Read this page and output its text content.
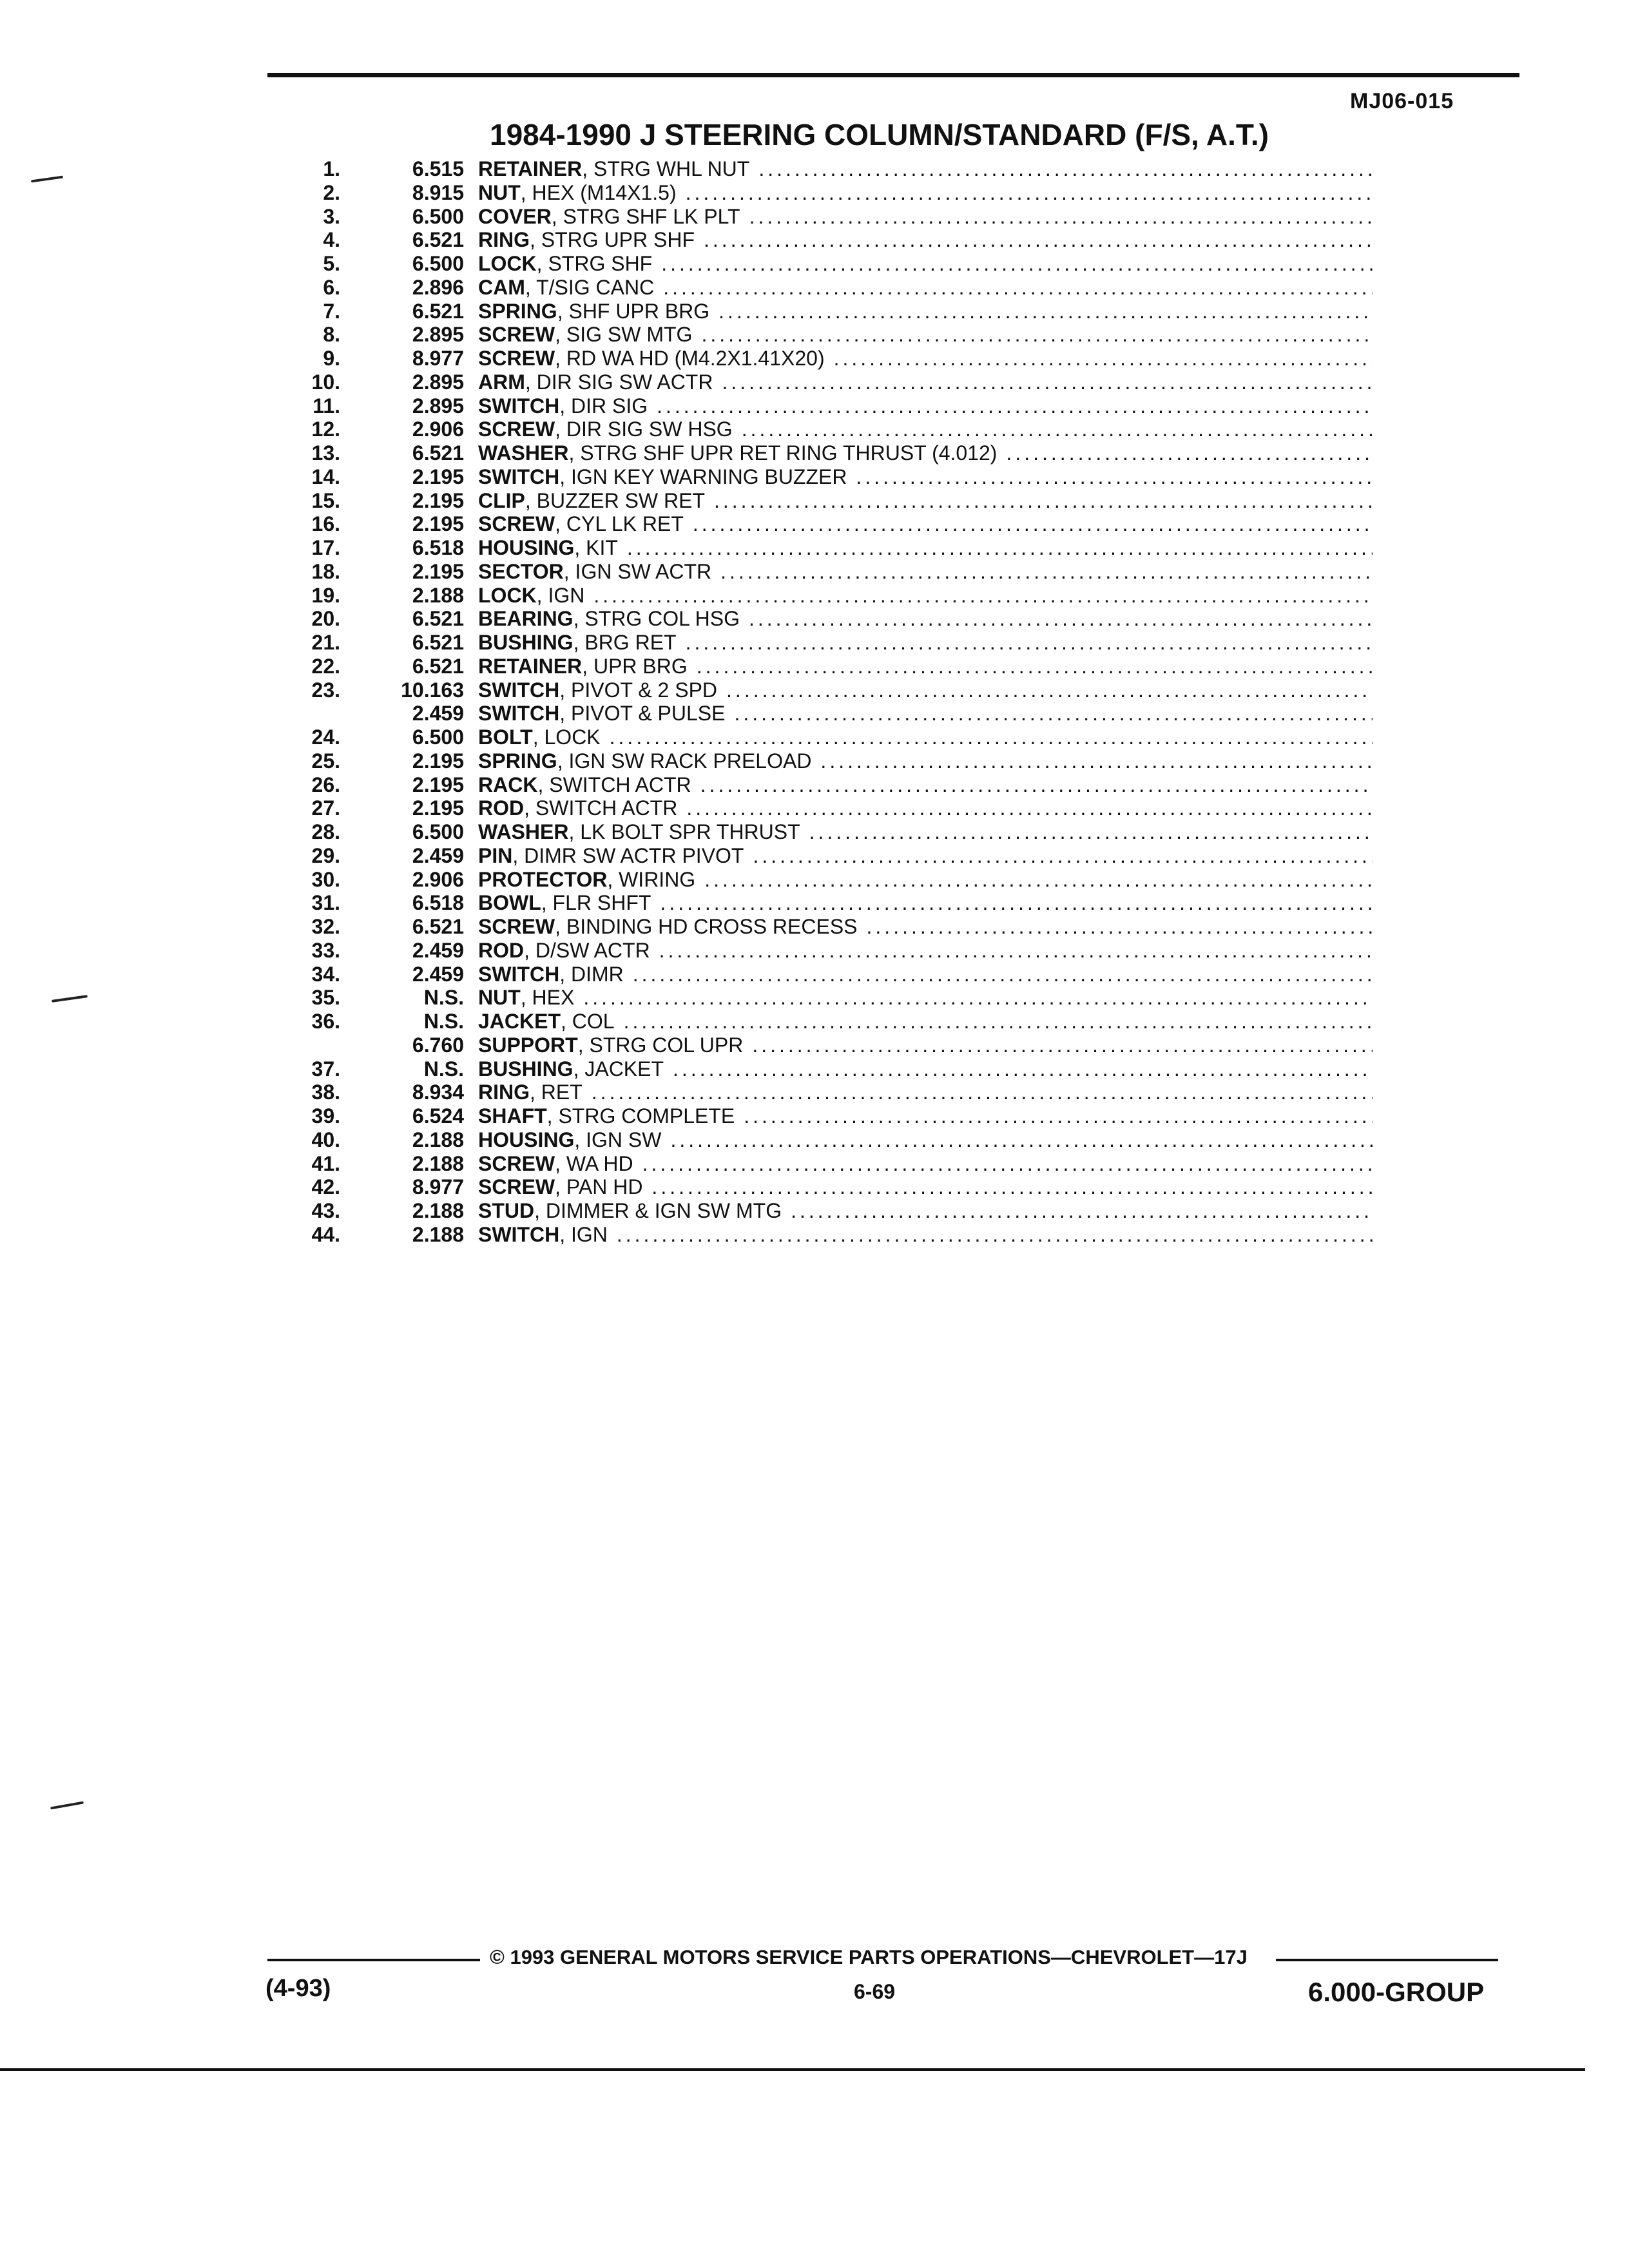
MJ06-015
1984-1990 J STEERING COLUMN/STANDARD (F/S, A.T.)
1.	6.515 RETAINER, STRG WHL NUT
.....
2.	8.915 NUT, HEX (M14X1.5)
.....
3.	6.500 COVER, STRG SHF LK PLT
.....
4.	6.521 RING, STRG UPR SHF
.....
5.	6.500 LOCK, STRG SHF
.....
6.	2.896 CAM, T/SIG CANC
.....
7.	6.521 SPRING, SHF UPR BRG
.....
8.	2.895 SCREW, SIG SW MTG
.....
9.	8.977 SCREW, RD WA HD (M4.2X1.41X20)
.....
10.	2.895 ARM, DIR SIG SW ACTR
.....
11.	2.895 SWITCH, DIR SIG
.....
12.	2.906 SCREW, DIR SIG SW HSG
.....
13.	6.521 WASHER, STRG SHF UPR RET RING THRUST (4.012)
.....
14.	2.195 SWITCH, IGN KEY WARNING BUZZER
.....
15.	2.195 CLIP, BUZZER SW RET
.....
16.	2.195 SCREW, CYL LK RET
.....
17.	6.518 HOUSING, KIT
.....
18.	2.195 SECTOR, IGN SW ACTR
.....
19.	2.188 LOCK, IGN
.....
20.	6.521 BEARING, STRG COL HSG
.....
21.	6.521 BUSHING, BRG RET
.....
22.	6.521 RETAINER, UPR BRG
.....
23.	10.163 SWITCH, PIVOT & 2 SPD
.....
2.459 SWITCH, PIVOT & PULSE
.....
24.	6.500 BOLT, LOCK
.....
25.	2.195 SPRING, IGN SW RACK PRELOAD
.....
26.	2.195 RACK, SWITCH ACTR
.....
27.	2.195 ROD, SWITCH ACTR
.....
28.	6.500 WASHER, LK BOLT SPR THRUST
.....
29.	2.459 PIN, DIMR SW ACTR PIVOT
.....
30.	2.906 PROTECTOR, WIRING
.....
31.	6.518 BOWL, FLR SHFT
.....
32.	6.521 SCREW, BINDING HD CROSS RECESS
.....
33.	2.459 ROD, D/SW ACTR
.....
34.	2.459 SWITCH, DIMR
.....
35.	N.S. NUT, HEX
.....
36.	N.S. JACKET, COL
.....
6.760 SUPPORT, STRG COL UPR
.....
37.	N.S. BUSHING, JACKET
.....
38.	8.934 RING, RET
.....
39.	6.524 SHAFT, STRG COMPLETE
.....
40.	2.188 HOUSING, IGN SW
.....
41.	2.188 SCREW, WA HD
.....
42.	8.977 SCREW, PAN HD
.....
43.	2.188 STUD, DIMMER & IGN SW MTG
.....
44.	2.188 SWITCH, IGN
.....
© 1993 GENERAL MOTORS SERVICE PARTS OPERATIONS—CHEVROLET—17J
(4-93)	6-69	6.000-GROUP
